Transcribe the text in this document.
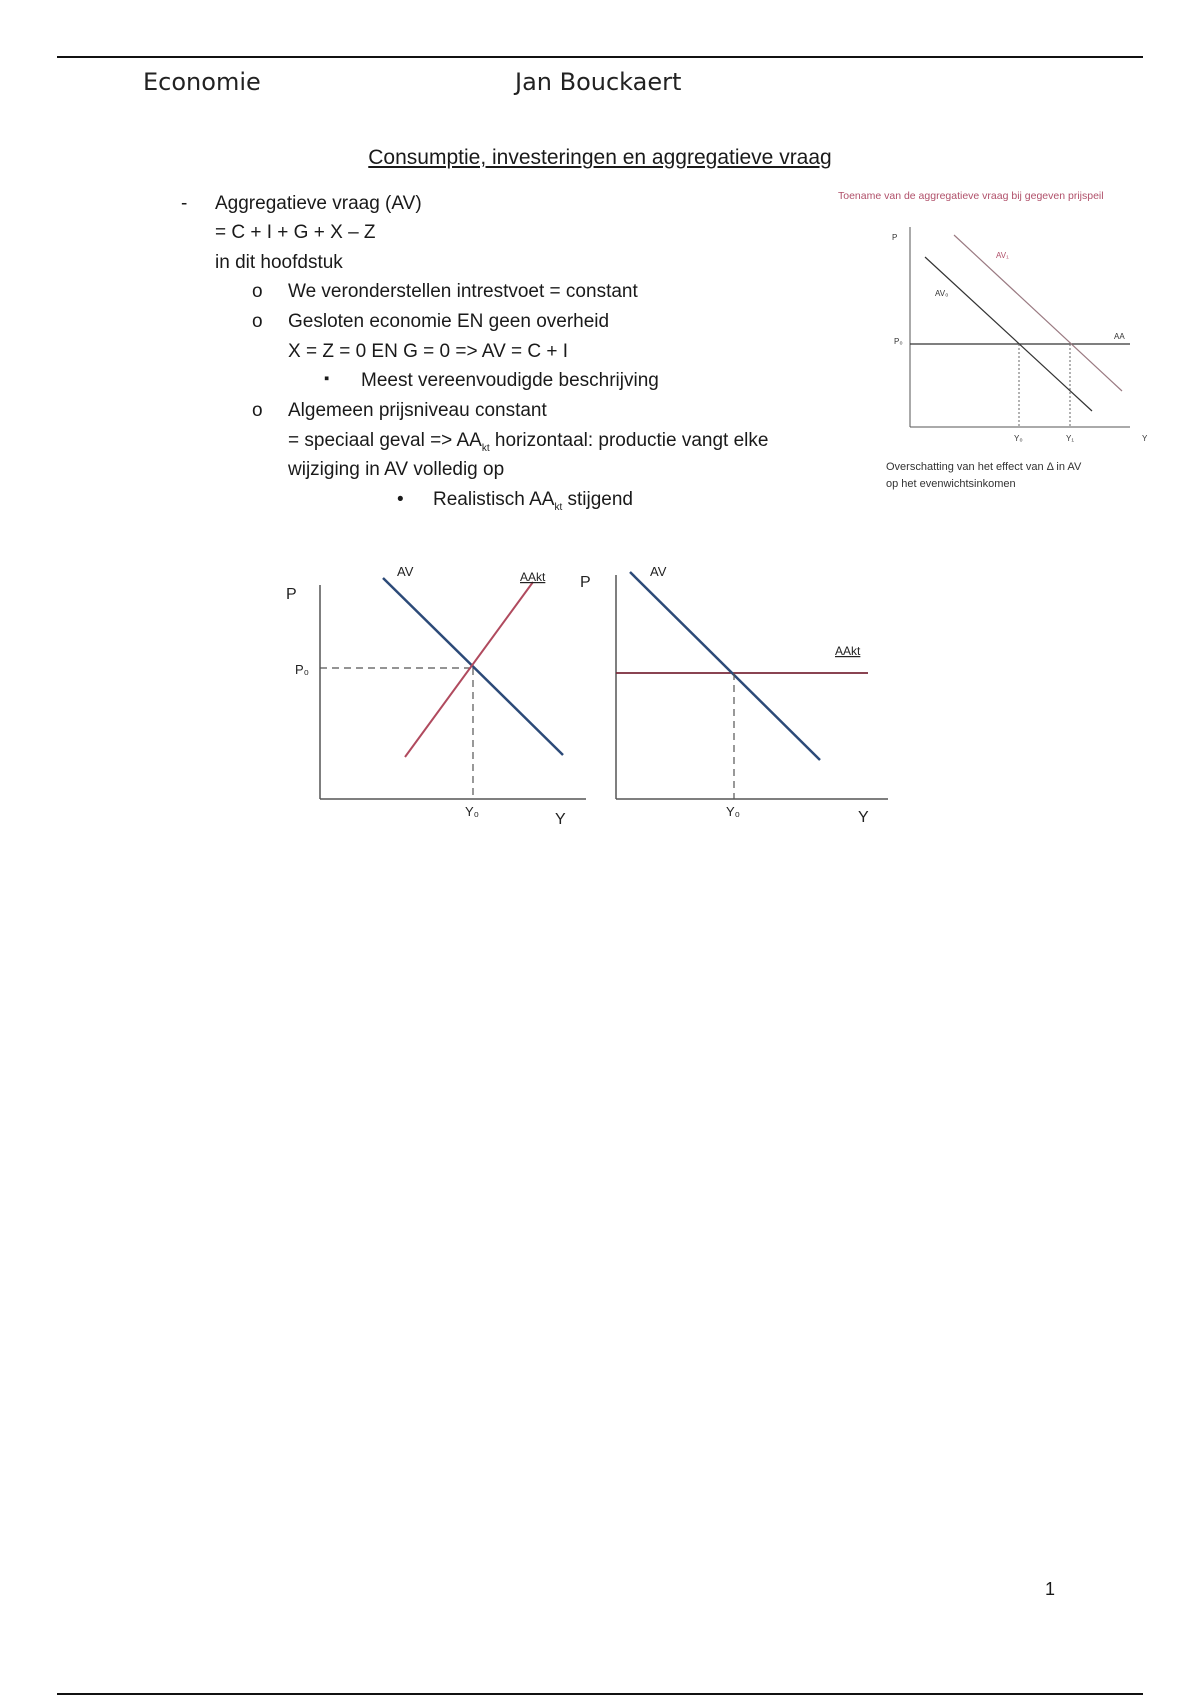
Economie	Jan Bouckaert
Consumptie, investeringen en aggregatieve vraag
- Aggregatieve vraag (AV)
= C + I + G + X – Z
in dit hoofdstuk
o We veronderstellen intrestvoet = constant
o Gesloten economie EN geen overheid
X = Z = 0 EN G = 0 => AV = C + I
▪ Meest vereenvoudigde beschrijving
o Algemeen prijsniveau constant
= speciaal geval => $AA_{kt}$ horizontaal: productie vangt elke
wijziging in AV volledig op
• Realistisch $AA_{kt}$ stijgend
Toename van de aggregatieve vraag bij gegeven prijspeil
P
P₀
AA
AV₀
AV₁
Y₀	Y₁	Y
Overschatting van het effect van Δ in AV
op het evenwichtsinkomen
P
P₀
AV	AAkt
Y₀	Y
P
AAkt
AV
Y₀	Y
1
